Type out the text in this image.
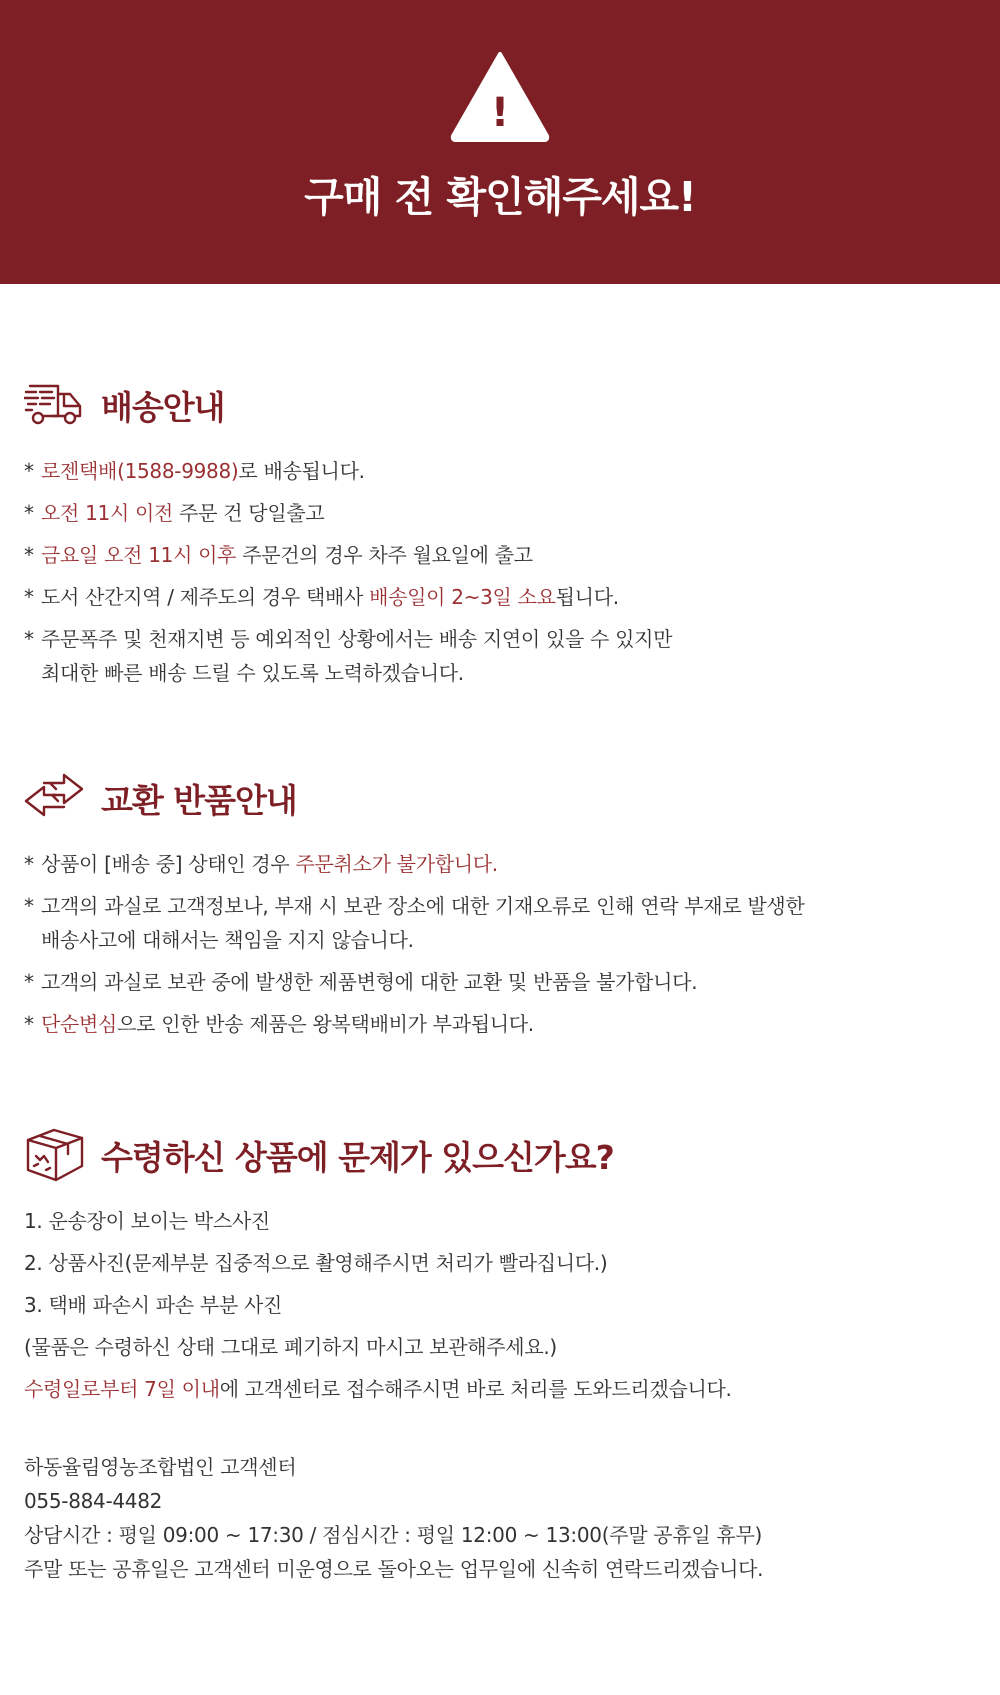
!
구매 전 확인해주세요!
배송안내
* 로젠택배(1588-9988)로 배송됩니다.
* 오전 11시 이전 주문 건 당일출고
* 금요일 오전 11시 이후 주문건의 경우 차주 월요일에 출고
* 도서 산간지역 / 제주도의 경우 택배사 배송일이 2~3일 소요됩니다.
* 주문폭주 및 천재지변 등 예외적인 상황에서는 배송 지연이 있을 수 있지만
최대한 빠른 배송 드릴 수 있도록 노력하겠습니다.
교환 반품안내
* 상품이 [배송 중] 상태인 경우 주문취소가 불가합니다.
* 고객의 과실로 고객정보나, 부재 시 보관 장소에 대한 기재오류로 인해 연락 부재로 발생한
배송사고에 대해서는 책임을 지지 않습니다.
* 고객의 과실로 보관 중에 발생한 제품변형에 대한 교환 및 반품을 불가합니다.
* 단순변심으로 인한 반송 제품은 왕복택배비가 부과됩니다.
수령하신 상품에 문제가 있으신가요?
1. 운송장이 보이는 박스사진
2. 상품사진(문제부분 집중적으로 촬영해주시면 처리가 빨라집니다.)
3. 택배 파손시 파손 부분 사진
(물품은 수령하신 상태 그대로 폐기하지 마시고 보관해주세요.)
수령일로부터 7일 이내에 고객센터로 접수해주시면 바로 처리를 도와드리겠습니다.
하동율림영농조합법인 고객센터
055-884-4482
상담시간 : 평일 09:00 ~ 17:30 / 점심시간 : 평일 12:00 ~ 13:00(주말 공휴일 휴무)
주말 또는 공휴일은 고객센터 미운영으로 돌아오는 업무일에 신속히 연락드리겠습니다.
